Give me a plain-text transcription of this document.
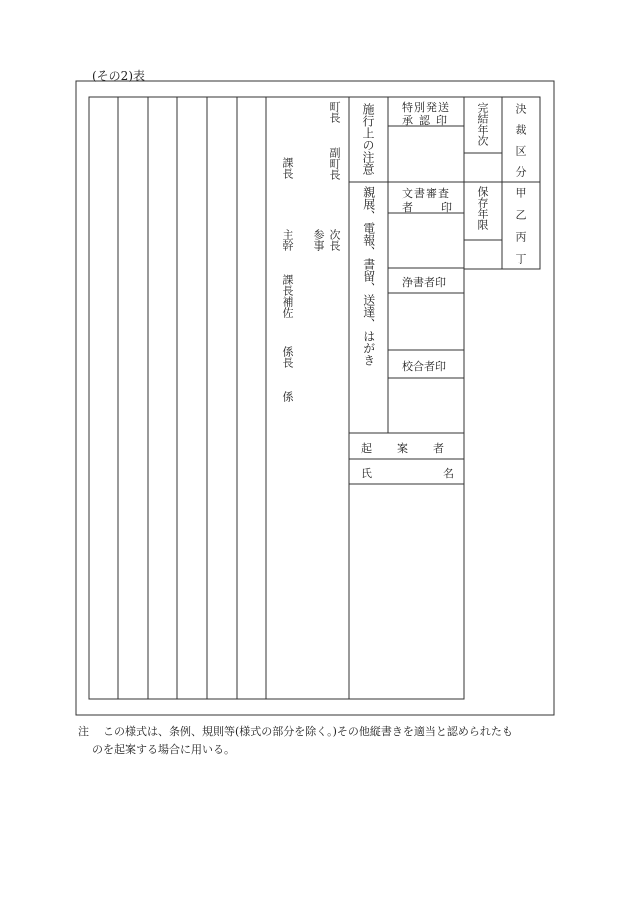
(その2)表
町長
副町長
次長
参事
課長
主幹
課長補佐
係長
係
施行上の注意
親展、電報、書留、送達、はがき
特別発送
承認印
文書審査
者印
浄書者印
校合者印
起案者
氏名
完結年次
保存年限
決裁区分
甲乙丙丁
注 この様式は、条例、規則等(様式の部分を除く。)その他縦書きを適当と認められたも
のを起案する場合に用いる。
